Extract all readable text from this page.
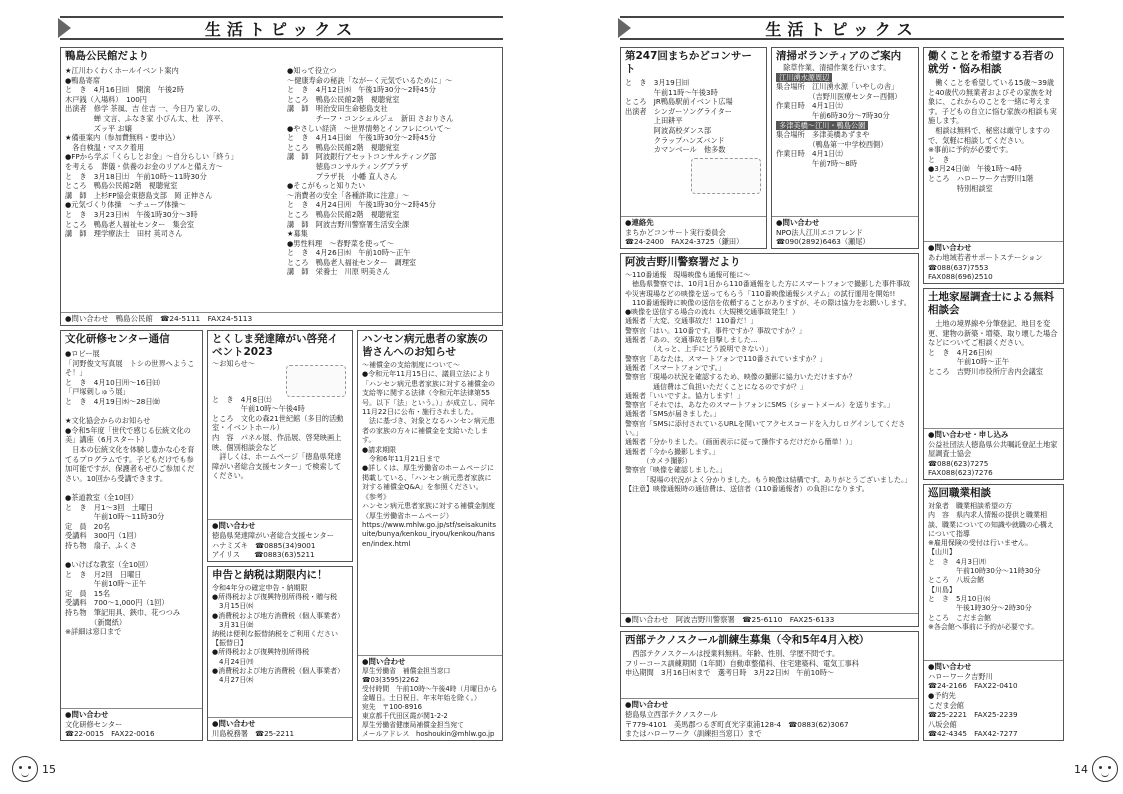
生活トピックス
鴨島公民館だより
★江川わくわくホールイベント案内
●鴨島寄席
と　き　4月16日㈰　開演　午後2時
木戸銭（入場料）　100円
出演者　修学 茶風、吉 住吉 一、今日乃 家しの、
　　　　蝉 文言、ふなき家 小びん太、杜　淳平、
　　　　ズッ平 お嬢
★備亜案内（参加費無料・要申込）
　各自検温・マスク着用
●FPから学ぶ「くらしとお金」～自分らしい「終う」
を考える　葬儀・供養のお金のリアルと備え方～
と　き　3月18日㈯　午前10時～11時30分
ところ　鴨島公民館2階　視聴覚室
講　師　上杉FP協会東徳島支部　岡 正伸さん
●元気づくり体操　～チューブ体操～
と　き　3月23日㈭　午後1時30分～3時
ところ　鴨島老人福祉センター　集会室
講　師　理学療法士　田村 英司さん
●知って役立つ
～健康寿命の秘訣「ながーく元気でいるために」～
と　き　4月12日㈬　午後1時30分～2時45分
ところ　鴨島公民館2階　視聴覚室
講　師　明治安田生命徳島支社
　　　　チーフ・コンシェルジュ　新田 さおりさん
●やさしい経済　～世界情勢とインフレについて～
と　き　4月14日㈮　午後1時30分～2時45分
ところ　鴨島公民館2階　視聴覚室
講　師　阿波銀行アセットコンサルティング部
　　　　徳島コンサルティングプラザ
　　　　プラザ長　小幡 直人さん
●そこがもっと知りたい
～消費者の安全「各種詐欺に注意」～
と　き　4月24日㈪　午後1時30分～2時45分
ところ　鴨島公民館2階　視聴覚室
講　師　阿波吉野川警察署生活安全課
★募集
●男性料理　～春野菜を使って～
と　き　4月26日㈬　午前10時～正午
ところ　鴨島老人福祉センター　調理室
講　師　栄養士　川原 明美さん
●問い合わせ　鴨島公民館　☎24-5111　FAX24-5113
文化研修センター通信
●ロビー展
「河野俊文写真展　トシの世界へようこそ！」
と　き　4月10日㈪～16日㈰
「戸塚刺しゅう展」
と　き　4月19日㈬～28日㈮

★文化協会からのお知らせ
●令和5年度「世代で感じる伝統文化の美」講座（6月スタート）
　日本の伝統文化を体験し豊かな心を育てるプログラムです。子どもだけでも参加可能ですが、保護者もぜひご参加ください。10回から受講できます。

●茶道教室（全10回）
と　き　月1～3回　土曜日
　　　　午前10時～11時30分
定　員　20名
受講料　300円（1回）
持ち物　扇子、ふくさ

●いけばな教室（全10回）
と　き　月2回　日曜日
　　　　午前10時～正午
定　員　15名
受講料　700～1,000円（1回）
持ち物　筆記用具、鋏巾、花つつみ
　　　　（新聞紙）
※詳細は窓口まで
●問い合わせ
文化研修センター
☎22-0015　FAX22-0016
とくしま発達障がい啓発イベント2023
～お知らせ～
と　き　4月8日㈯
　　　　午前10時～午後4時
ところ　文化の森21世紀館（多目的活動室・イベントホール）
内　容　パネル展、作品展、啓発映画上映、個別相談会など
　詳しくは、ホームページ「徳島県発達障がい者総合支援センター」で検索してください。
●問い合わせ
徳島県発達障がい者総合支援センター
ハナミズキ　☎0885(34)9001
アイリス　　☎0883(63)5211
申告と納税は期限内に！
令和4年分の確定申告・納期限
●所得税および復興特別所得税・贈与税
　3月15日㈬
●消費税および地方消費税（個人事業者）
　3月31日㈮
納税は便利な振替納税をご利用ください【振替日】
●所得税および復興特別所得税
　4月24日㈪
●消費税および地方消費税（個人事業者）
　4月27日㈭
●問い合わせ
川島税務署　☎25-2211
ハンセン病元患者の家族の皆さんへのお知らせ
～補償金の支給制度について～
●令和元年11月15日に、議員立法により「ハンセン病元患者家族に対する補償金の支給等に関する法律（令和元年法律第55号。以下「法」という。）」が成立し、同年11月22日に公布・施行されました。
　法に基づき、対象となるハンセン病元患者の家族の方々に補償金を支給いたします。
●請求期限
　令和6年11月21日まで
●詳しくは、厚生労働省のホームページに掲載している、「ハンセン病元患者家族に対する補償金Q&A」を参照ください。
《参考》
ハンセン病元患者家族に対する補償金制度（厚生労働省ホームページ）
https://www.mhlw.go.jp/stf/seisakunitsuite/bunya/kenkou_iryou/kenkou/hansen/index.html
●問い合わせ
厚生労働省　補償金担当窓口
☎03(3595)2262
受付時間　午前10時～午後4時（月曜日から金曜日。土日祝日、年末年始を除く。）
宛先　〒100-8916
東京都千代田区霞が関1-2-2
厚生労働省健康局補償金担当宛て
メールアドレス　hoshoukin@mhlw.go.jp
15
生活トピックス
第247回まちかどコンサート
と　き　3月19日㈰
　　　　午前11時～午後3時
ところ　JR鴨島駅前イベント広場
出演者　シンガーソングライター
　　　　上田耕平
　　　　阿波高校ダンス部
　　　　クラップハンズバンド
　　　　カマンベール　他多数
●連絡先
まちかどコンサート実行委員会
☎24-2400　FAX24-3725（鎌田）
清掃ボランティアのご案内
　除草作業、清掃作業を行います。

江川湧水源周辺
集合場所　江川湧水源「いやしの舎」
　　　　　（吉野川医療センター西側）
作業日時　4月1日㈯
　　　　　午前6時30分～7時30分
多津美橋～江川・鴨島公園
集合場所　多津美橋あずまや
　　　　　（鴨島第一中学校西側）
作業日時　4月1日㈯
　　　　　午前7時～8時
●問い合わせ
NPO法人江川エコフレンド
☎090(2892)6463（瀬尾）
働くことを希望する若者の就労・悩み相談
　働くことを希望している15歳～39歳と40歳代の無業者およびその家族を対象に、これからのことを一緒に考えます。子どもの自立に悩む家族の相談も実施します。
　相談は無料で、秘密は厳守しますので、気軽に相談してください。
※事前に予約が必要です。
と　き
●3月24日㈮　午後1時～4時
ところ　ハローワーク吉野川1階
　　　　特別相談室
●問い合わせ
あわ地域若者サポートステーション
☎088(637)7553
FAX088(696)2510
阿波吉野川警察署だより
～110番通報　現場映像も通報可能に～
　徳島県警察では、10月1日から110番通報をした方にスマートフォンで撮影した事件事故や災害現場などの映像を送ってもらう「110番映像通報システム」の試行運用を開始!!
　110番通報時に映像の送信を依頼することがありますが、その際は協力をお願いします。
●映像を送信する場合の流れ（大規模交通事故発生！）
通報者「大変、交通事故だ！110番だ！」
警察官「はい。110番です。事件ですか？事故ですか？」
通報者「あの、交通事故を目撃しました…
　　　　（えっと、上手にどう説明できない）」
警察官「あなたは、スマートフォンで110番されていますか？」
通報者「スマートフォンです。」
警察官「現場の状況を確認するため、映像の撮影に協力いただけますか？
　　　　通信費はご負担いただくことになるのですが？」
通報者「いいですよ。協力します！」
警察官「それでは、あなたのスマートフォンにSMS（ショートメール）を送ります。」
通報者「SMSが届きました。」
警察官「SMSに添付されているURLを開いてアクセスコードを入力しログインしてください。」
通報者「分かりました。（画面表示に従って操作するだけだから簡単！）」
通報者「今から撮影します。」
　　　（カメラ撮影）
警察官「映像を確認しました。」
　　　「現場の状況がよく分かりました。もう映像は結構です。ありがとうございました。」
【注意】映像通報時の通信費は、送信者（110番通報者）の負担になります。
●問い合わせ　阿波吉野川警察署　☎25-6110　FAX25-6133
西部テクノスクール訓練生募集（令和5年4月入校）
　西部テクノスクールは授業料無料。年齢、性別、学歴不問です。
フリーコース訓練期間（1年間）自動車整備科、住宅建築科、電気工事科
申込期間　3月16日㈭まで　選考日時　3月22日㈬　午前10時～
●問い合わせ
徳島県立西部テクノスクール
〒779-4101　美馬郡つるぎ町貞光字東浦128-4　☎0883(62)3067
またはハローワーク（訓練担当窓口）まで
土地家屋調査士による無料相談会
　土地の境界線や分筆登記、地目を変更、建物の新築・増築、取り壊した場合などについてご相談ください。
と　き　4月26日㈬
　　　　午前10時～正午
ところ　吉野川市役所庁舎内会議室
●問い合わせ・申し込み
公益社団法人徳島県公共嘱託登記土地家屋調査士協会
☎088(623)7275
FAX088(623)7276
巡回職業相談
対象者　職業相談希望の方
内　容　県内求人情報の提供と職業相談、職業についての知識や就職の心構えについて指導
※雇用保険の受付は行いません。
【山川】
と　き　4月3日㈪
　　　　午前10時30分～11時30分
ところ　八坂会館
【川島】
と　き　5月10日㈬
　　　　午後1時30分～2時30分
ところ　こだま会館
※各会館へ事前に予約が必要です。
●問い合わせ
ハローワーク吉野川
☎24-2166　FAX22-0410
●予約先
こだま会館
☎25-2221　FAX25-2239
八坂会館
☎42-4345　FAX42-7277
14
